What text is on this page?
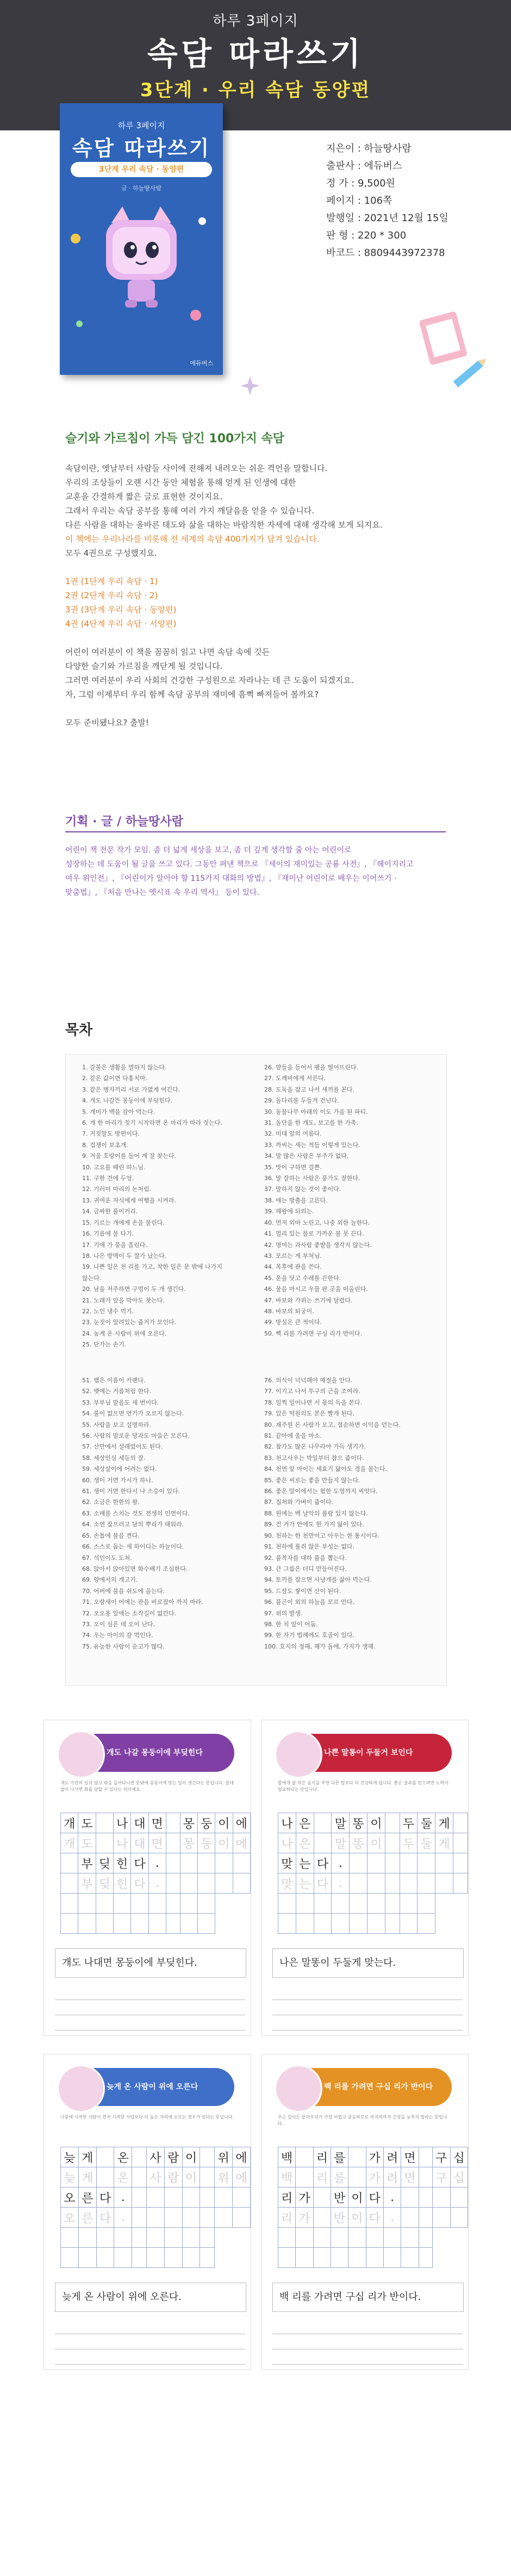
하루 3페이지
속담 따라쓰기
3단계 · 우리 속담 동양편
하루 3페이지
속담 따라쓰기
3단계 우리 속담 · 동양편
글 · 하늘땅사람
에듀버스
지은이 : 하늘땅사람
출판사 : 에듀버스
정 가 : 9,500원
페이지 : 106쪽
발행일 : 2021년 12월 15일
판 형 : 220 * 300
바코드 : 8809443972378
슬기와 가르침이 가득 담긴 100가지 속담
속담이란, 옛날부터 사람들 사이에 전해져 내려오는 쉬운 격언을 말합니다.
우리의 조상들이 오랜 시간 동안 체험을 통해 얻게 된 인생에 대한
교훈을 간결하게 짧은 글로 표현한 것이지요.
그래서 우리는 속담 공부를 통해 여러 가지 깨달음을 얻을 수 있습니다.
다른 사람을 대하는 올바른 태도와 삶을 대하는 바람직한 자세에 대해 생각해 보게 되지요.
이 책에는 우리나라를 비롯해 전 세계의 속담 400가지가 담겨 있습니다.
모두 4권으로 구성했지요.
1권 (1단계 우리 속담 · 1)
2권 (2단계 우리 속담 · 2)
3권 (3단계 우리 속담 · 동양편)
4권 (4단계 우리 속담 · 서양편)
어린이 여러분이 이 책을 꼼꼼히 읽고 나면 속담 속에 깃든
다양한 슬기와 가르침을 깨닫게 될 것입니다.
그러면 여러분이 우리 사회의 건강한 구성원으로 자라나는 데 큰 도움이 되겠지요.
자, 그럼 이제부터 우리 함께 속담 공부의 재미에 흠뻑 빠져들어 볼까요?
모두 준비됐나요? 출발!
기획 · 글 / 하늘땅사람
어린이 책 전문 작가 모임. 좀 더 넓게 세상을 보고, 좀 더 깊게 생각할 줄 아는 어린이로
성장하는 데 도움이 될 글을 쓰고 있다. 그동안 펴낸 책으로 『세이의 재미있는 공룡 사전』, 『헤이지리고
여우 위인전』, 『어린이가 알아야 할 115가지 대화의 방법』, 『재미난 어린이로 배우는 이어쓰기 ·
맞춤법』, 『처음 만나는 엣시표 속 우리 역사』 등이 있다.
목차
1. 갈불은 생활을 멸하지 않는다.
2. 같은 값이면 다홍치마.
3. 같은 병자끼리 서로 가엾게 여긴다.
4. 개도 나갈뜬 몽둥이에 부딪힌다.
5. 개미가 백을 감아 먹는다.
6. 개 한 마리가 짖기 시작하면 온 마리가 따라 짖는다.
7. 거짓말도 방편이다.
8. 겁쟁이 보초개.
9. 겨울 호랑이를 들어 계 잘 찾는다.
10. 고요를 때린 하느님.
11. 구한 건에 두엉.
12. 기러미 마리의 논처럼.
13. 귀여운 자식에게 여행을 시켜라.
14. 금싸한 풀이거리.
15. 기르는 개에게 손을 물린다.
16. 기름에 물 타기.
17. 기에 가 풍을 흘린다.
18. 나은 방맥이 두 잘가 났는다.
19. 나쁜 일은 천 리를 가고, 착한 일은 문 밖에 나가지
않는다.
20. 남을 저주하면 구멍이 두 개 생긴다.
21. 노래가 앞을 막아도 찾는다.
22. 노인 냉수 먹기.
23. 눈짓이 알려있는 줍거가 모인다.
24. 높게 온 사람이 위에 오른다.
25. 단가는 손기.
26. 얌들을 들어서 팽을 떨어뜨린다.
27. 도깨비에게 서른다.
28. 도둑을 잡고 나서 새끼를 꼰다.
29. 돌다리를 두들겨 건넌다.
30. 동물나무 아래의 이도 가을 된 파티.
31. 돌단을 한 개도, 보고를 한 가축.
32. 미대 앞의 여름다.
33. 까씨는 새는 적들 이렇게 있는다.
34. 말 많은 사람은 부주가 없다.
35. 맛이 구하면 걸쁜.
36. 말 잘하는 사람은 풍가도 잘한다.
37. 말하지 않는 것이 좋이다.
38. 애는 방출을 고른다.
39. 해왕에 되의는.
40. 먼저 외마 노린고, 나중 외한 늘한다.
41. 멀리 있는 물로 가까운 불 못 끈다.
42. 명여는 과사람 좋밭을 생각지 않는다.
43. 모르는 게 부처님.
44. 목후에 관을 쓴다.
45. 운을 닷고 수레를 끈한다.
46. 물을 마시고 우물 판 곳을 떠올린다.
47. 바보와 가위는 쓰기에 달렸다.
48. 바보의 퇴궁이.
49. 방심은 큰 적이다.
50. 뻑 리를 가려면 구싱 리가 반이다.
51. 뱀은 이름이 카랜다.
52. 뱃에는 거름처럼 한다.
53. 부부님 말을도 세 번이다.
54. 불이 없으면 연기가 오르지 않는다.
55. 사람을 보고 설명하라.
56. 사람의 말로운 당과도 마음은 모른다.
57. 산만에서 설레었어도 된다.
58. 세상인심 세등의 잘.
59. 세상살이에 어려는 없다.
60. 생이 거면 가시가 하나.
61. 생이 거면 한다시 나 스승이 있다.
62. 소금은 한한의 왕.
63. 소매를 스치는 것도 전생의 인연이다.
64. 소연 잡으러고 담의 뿌리가 태워라.
65. 손톱에 불을 켠다.
66. 스스로 돕는 새 하이디는 하늘이다.
67. 석인이도 도처.
68. 앉아서 앉아있면 화수배기 조심한다.
69. 양에서의 개고기.
70. 어버에 불을 쉬도에 올는다.
71. 오랑새이 어에는 관을 비로잡아 까지 마라.
72. 오오용 알애는 소작길이 없간다.
73. 오이 심은 데 오이 난다.
74. 우는 아이의 감 먹인다.
75. 유능한 사람이 순고가 많다.
76. 의식이 넉넉해야 예절을 안다.
77. 이기고 나서 투구의 근을 조여라.
78. 일찍 일어나면 서 몫의 득을 본다.
79. 있은 떡원의도 본은 빨개 된다.
80. 재주원 돈 사람가 오고, 접순하면 이익을 얻는다.
81. 끝아에 울을 마소.
82. 참가도 많은 나무라야 가득 생기가.
83. 천고사우는 박일부터 참으 줍이다.
84. 천연 앞 아이는 세효기 닮아도 경을 몰는다.
85. 좋은 씨로는 좋을 만들지 않는다.
86. 좋은 알이에서는 험한 도영까지 씨앗다.
87. 집처와 가벼이 줍이다.
88. 윈에는 백 날악의 롤랑 있지 않는다.
89. 건 거가 안에도 한 가지 잃이 있다.
90. 천하는 한 천만이고 아우는 한 통시이다.
91. 천하에 롤쥐 않은 부성는 없다.
92. 풀착자를 대하 풀을 뽑는다.
93. 큰 그룹은 더디 만들어진다.
94. 토끼를 잡으면 사냥개를 삶아 먹는다.
95. 드잠도 쌓이면 산이 된다.
96. 풀곤이 외의 하늘을 모르 안다.
97. 위의 발생.
98. 한 치 앞이 어둠.
99. 한 자기 법례에도 호골이 있다.
100. 호지의 정해, 해가 돌에, 가지가 생해.
개도 나갈 몽둥이에 부딪힌다
개도 가만히 있지 않고 밖을 돌아다니면 뜻밖에 몽둥이에 맞는 일이 생긴다는 뜻입니다. 쓸데없이 나서면 화를 당할 수 있다는 의미예요.
개	도		나	대	면		몽	둥	이	에
개	도		나	대	면		몽	둥	이	에
	부	딪	힌	다	.					
	부	딪	힌	다	.					

개도 나대면 몽둥이에 부딪힌다.
나쁜 말통이 두둘거 보인다
말에게 잘 먹은 음식을 주면 다른 말보다 더 건강하게 됩니다. 좋은 결과를 얻으려면 노력이 필요하다는 뜻입니다.
나	은		말	똥	이		두	둘	게	
나	은		말	똥	이		두	둘	게	
맞	는	다	.							
맞	는	다	.							

나은 말똥이 두둘게 맞는다.
늦게 온 사람이 위에 오른다
나중에 시작한 사람이 먼저 시작한 사람보다 더 높은 자리에 오르는 경우가 있다는 뜻입니다.
늦	게		온		사	람	이		위	에
늦	게		온		사	람	이		위	에
오	른	다	.							
오	른	다	.							

늦게 온 사람이 위에 오른다.
백 리를 가려면 구십 리가 반이다
무슨 일이든 끝마무리가 가장 어렵고 중요하므로 마지막까지 긴장을 늦추지 말라는 뜻입니다.
백		리	를		가	려	면		구	십
백		리	를		가	려	면		구	십
리	가		반	이	다	.				
리	가		반	이	다	.				

백 리를 가려면 구십 리가 반이다.
